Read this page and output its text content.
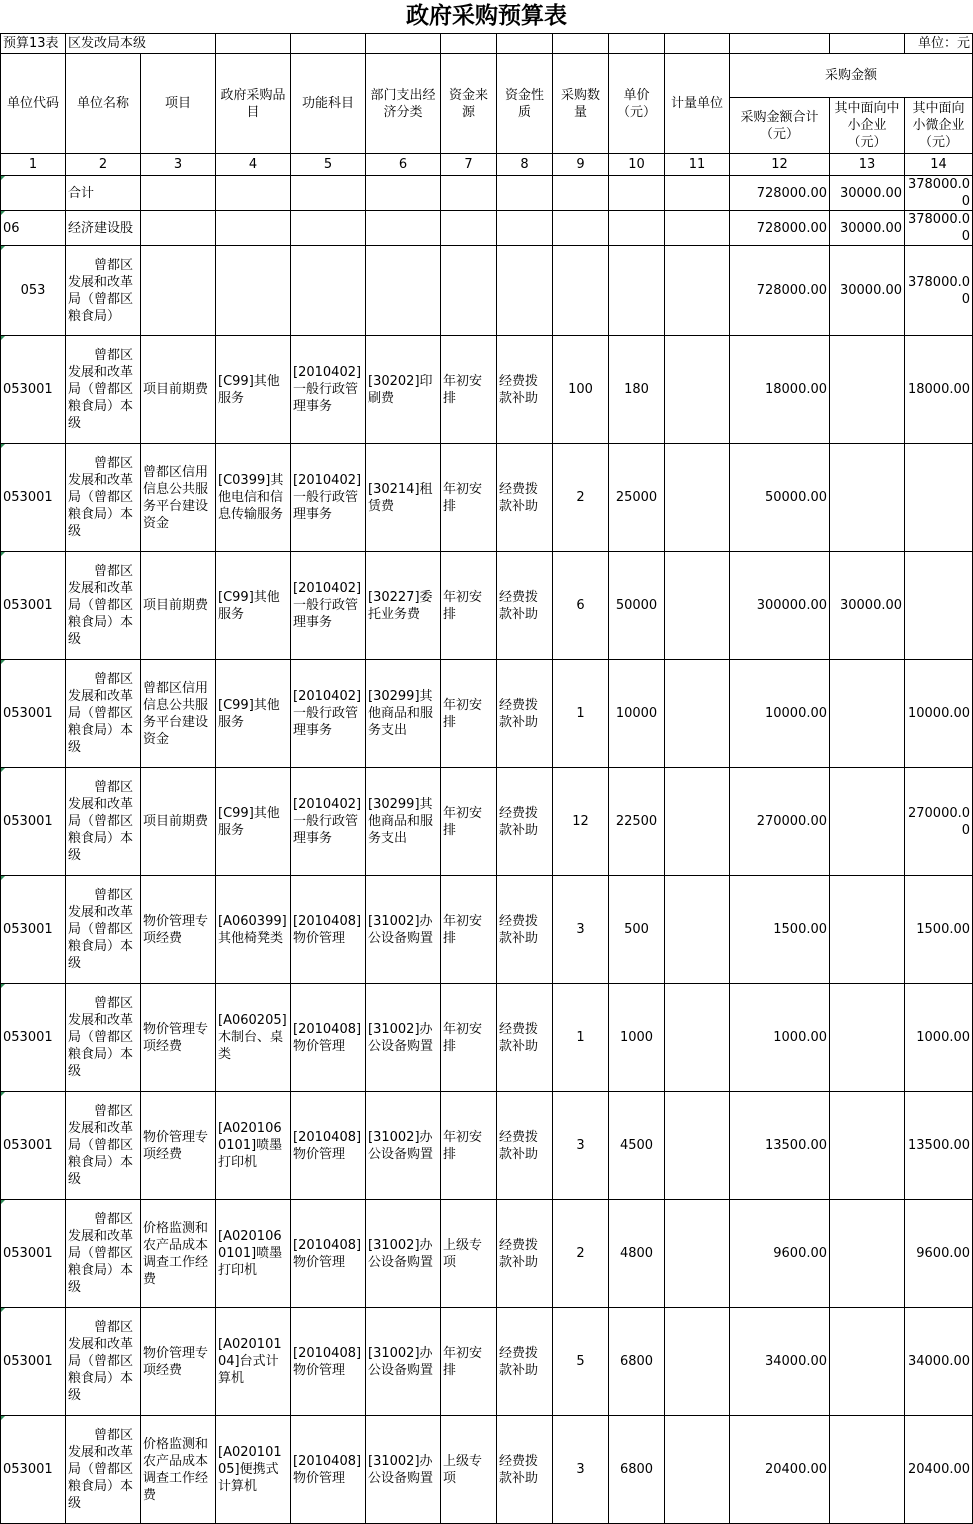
政府采购预算表
预算13表	区发改局本级												单位：元
单位代码	单位名称	项目	政府采购品目	功能科目	部门支出经济分类	资金来源	资金性质	采购数量	单价（元）	计量单位	采购金额		
											采购金额合计（元）	其中面向中小企业（元）	其中面向小微企业（元）
1	2	3	4	5	6	7	8	9	10	11	12	13	14
	合计										728000.00	30000.00	378000.00
06	经济建设股										728000.00	30000.00	378000.00
053	曾都区发展和改革局（曾都区粮食局）										728000.00	30000.00	378000.00
053001	曾都区发展和改革局（曾都区粮食局）本级	项目前期费	[C99]其他服务	[2010402]一般行政管理事务	[30202]印刷费	年初安排	经费拨款补助	100	180		18000.00		18000.00
053001	曾都区发展和改革局（曾都区粮食局）本级	曾都区信用信息公共服务平台建设资金	[C0399]其他电信和信息传输服务	[2010402]一般行政管理事务	[30214]租赁费	年初安排	经费拨款补助	2	25000		50000.00		
053001	曾都区发展和改革局（曾都区粮食局）本级	项目前期费	[C99]其他服务	[2010402]一般行政管理事务	[30227]委托业务费	年初安排	经费拨款补助	6	50000		300000.00	30000.00	
053001	曾都区发展和改革局（曾都区粮食局）本级	曾都区信用信息公共服务平台建设资金	[C99]其他服务	[2010402]一般行政管理事务	[30299]其他商品和服务支出	年初安排	经费拨款补助	1	10000		10000.00		10000.00
053001	曾都区发展和改革局（曾都区粮食局）本级	项目前期费	[C99]其他服务	[2010402]一般行政管理事务	[30299]其他商品和服务支出	年初安排	经费拨款补助	12	22500		270000.00		270000.00
053001	曾都区发展和改革局（曾都区粮食局）本级	物价管理专项经费	[A060399]其他椅凳类	[2010408]物价管理	[31002]办公设备购置	年初安排	经费拨款补助	3	500		1500.00		1500.00
053001	曾都区发展和改革局（曾都区粮食局）本级	物价管理专项经费	[A060205]木制台、桌类	[2010408]物价管理	[31002]办公设备购置	年初安排	经费拨款补助	1	1000		1000.00		1000.00
053001	曾都区发展和改革局（曾都区粮食局）本级	物价管理专项经费	[A0201060101]喷墨打印机	[2010408]物价管理	[31002]办公设备购置	年初安排	经费拨款补助	3	4500		13500.00		13500.00
053001	曾都区发展和改革局（曾都区粮食局）本级	价格监测和农产品成本调查工作经费	[A0201060101]喷墨打印机	[2010408]物价管理	[31002]办公设备购置	上级专项	经费拨款补助	2	4800		9600.00		9600.00
053001	曾都区发展和改革局（曾都区粮食局）本级	物价管理专项经费	[A02010104]台式计算机	[2010408]物价管理	[31002]办公设备购置	年初安排	经费拨款补助	5	6800		34000.00		34000.00
053001	曾都区发展和改革局（曾都区粮食局）本级	价格监测和农产品成本调查工作经费	[A02010105]便携式计算机	[2010408]物价管理	[31002]办公设备购置	上级专项	经费拨款补助	3	6800		20400.00		20400.00
